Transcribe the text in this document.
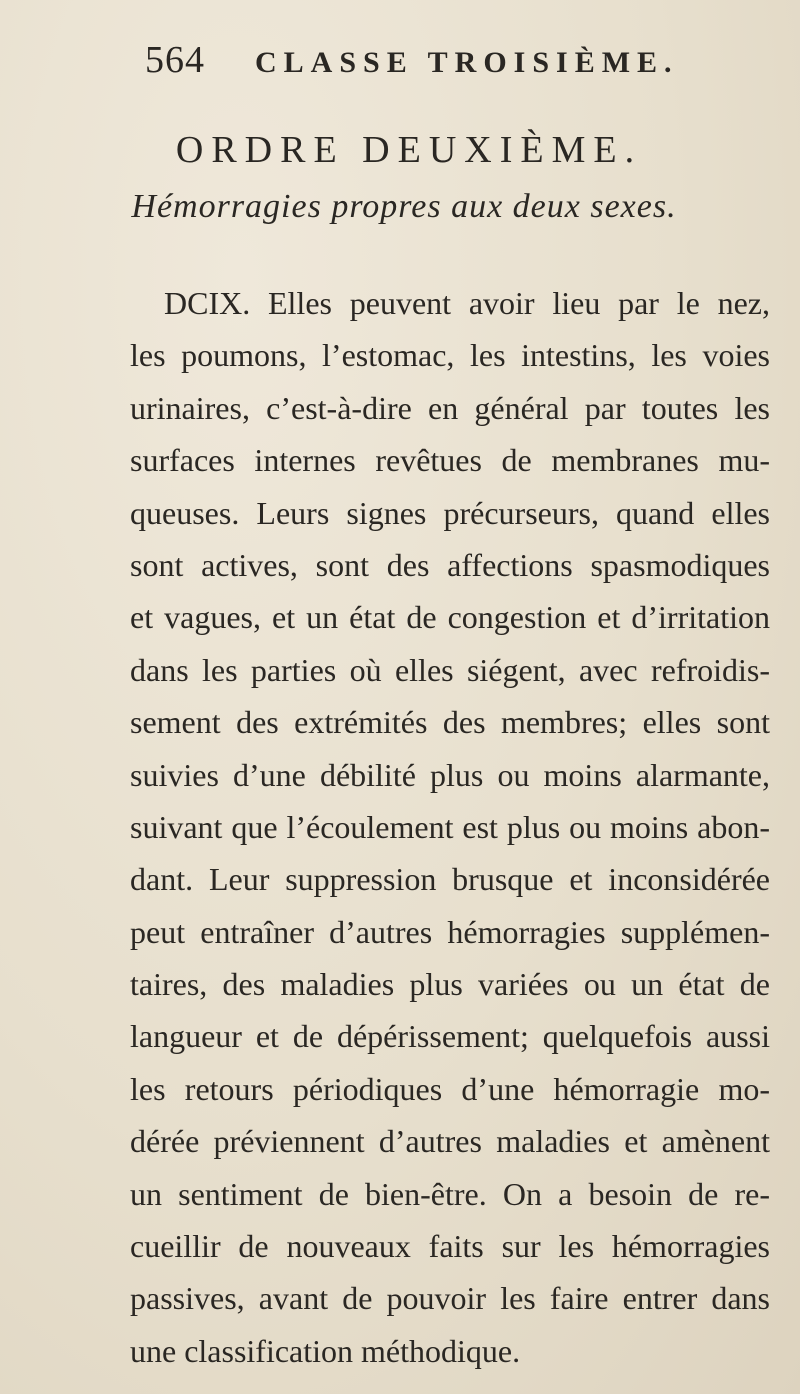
564	CLASSE TROISIÈME.
ORDRE DEUXIÈME.
Hémorragies propres aux deux sexes.
DCIX. Elles peuvent avoir lieu par le nez,
les poumons, l’estomac, les intestins, les voies
urinaires, c’est-à-dire en général par toutes les
surfaces internes revêtues de membranes mu-
queuses. Leurs signes précurseurs, quand elles
sont actives, sont des affections spasmodiques
et vagues, et un état de congestion et d’irritation
dans les parties où elles siégent, avec refroidis-
sement des extrémités des membres; elles sont
suivies d’une débilité plus ou moins alarmante,
suivant que l’écoulement est plus ou moins abon-
dant. Leur suppression brusque et inconsidérée
peut entraîner d’autres hémorragies supplémen-
taires, des maladies plus variées ou un état de
langueur et de dépérissement; quelquefois aussi
les retours périodiques d’une hémorragie mo-
dérée préviennent d’autres maladies et amènent
un sentiment de bien-être. On a besoin de re-
cueillir de nouveaux faits sur les hémorragies
passives, avant de pouvoir les faire entrer dans
une classification méthodique.
